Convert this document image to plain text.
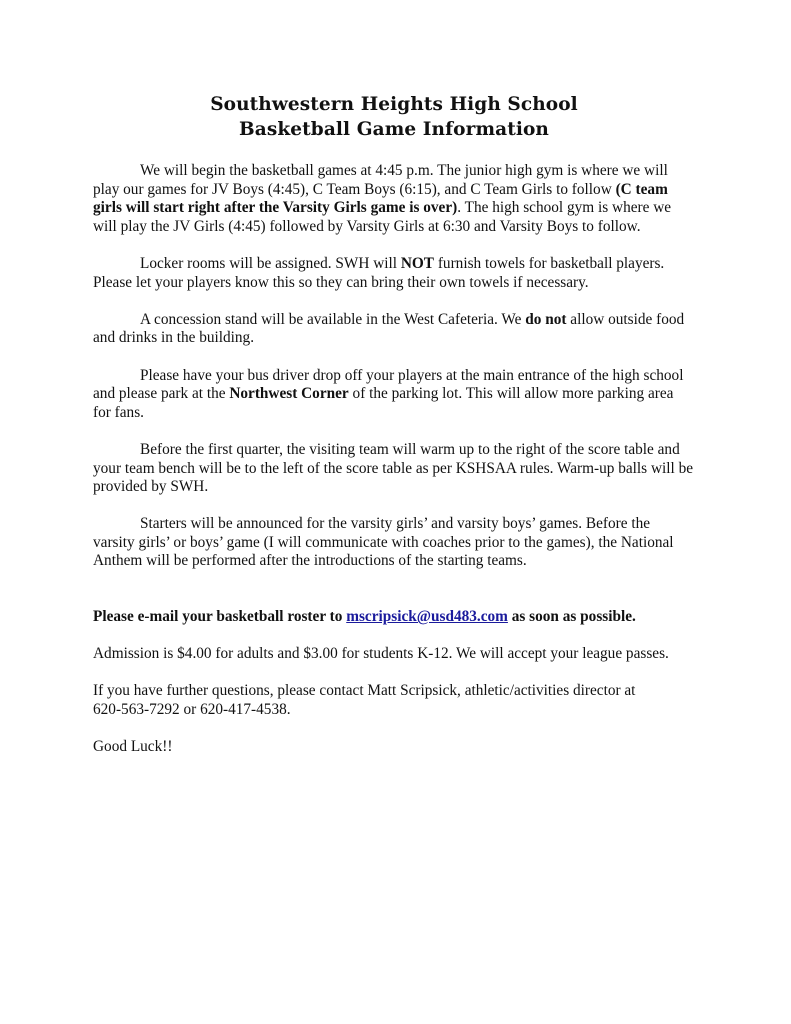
Southwestern Heights High School
Basketball Game Information

We will begin the basketball games at 4:45 p.m. The junior high gym is where we will play our games for JV Boys (4:45), C Team Boys (6:15), and C Team Girls to follow (C team girls will start right after the Varsity Girls game is over). The high school gym is where we will play the JV Girls (4:45) followed by Varsity Girls at 6:30 and Varsity Boys to follow.

Locker rooms will be assigned. SWH will NOT furnish towels for basketball players. Please let your players know this so they can bring their own towels if necessary.

A concession stand will be available in the West Cafeteria. We do not allow outside food and drinks in the building.

Please have your bus driver drop off your players at the main entrance of the high school and please park at the Northwest Corner of the parking lot. This will allow more parking area for fans.

Before the first quarter, the visiting team will warm up to the right of the score table and your team bench will be to the left of the score table as per KSHSAA rules. Warm-up balls will be provided by SWH.

Starters will be announced for the varsity girls’ and varsity boys’ games. Before the varsity girls’ or boys’ game (I will communicate with coaches prior to the games), the National Anthem will be performed after the introductions of the starting teams.

Please e-mail your basketball roster to mscripsick@usd483.com as soon as possible.

Admission is $4.00 for adults and $3.00 for students K-12. We will accept your league passes.

If you have further questions, please contact Matt Scripsick, athletic/activities director at
620-563-7292 or 620-417-4538.

Good Luck!!
